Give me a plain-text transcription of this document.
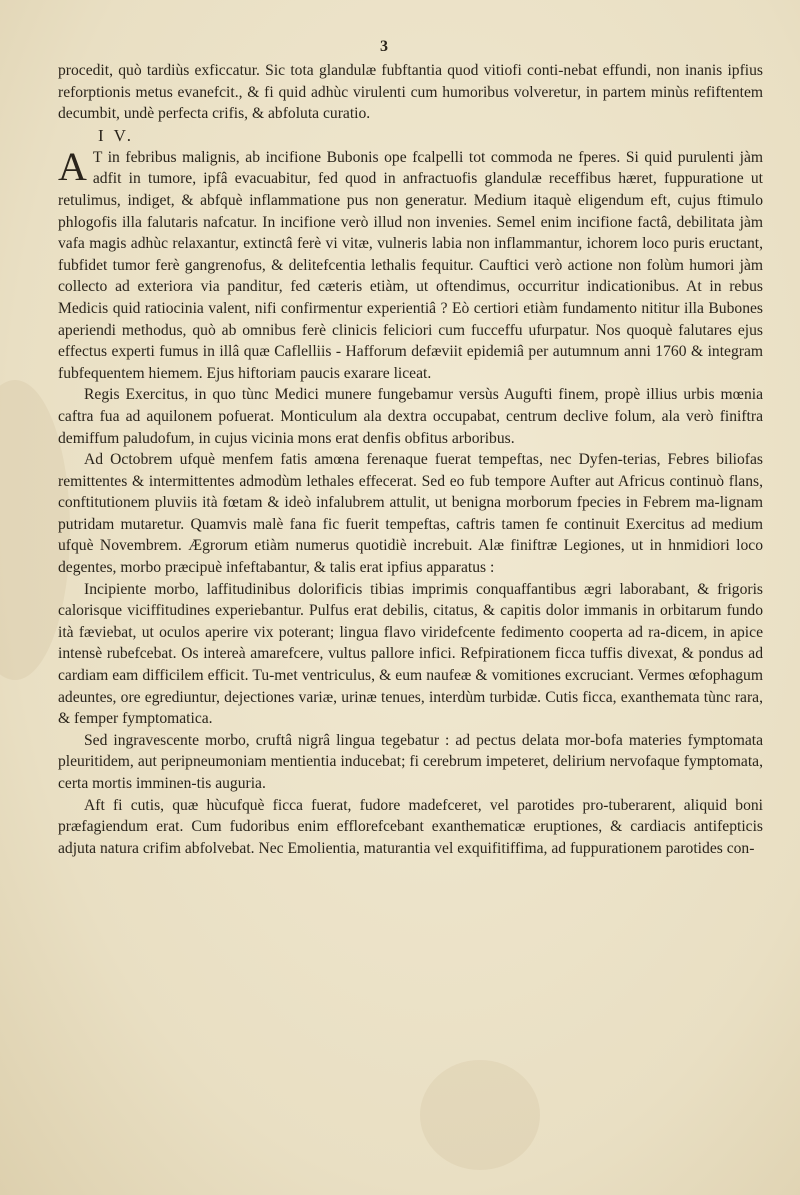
3

procedit, quò tardiùs exficcatur. Sic tota glandulæ fubftantia quod vitiofi conti-nebat effundi, non inanis ipfius reforptionis metus evanefcit., & fi quid adhùc virulenti cum humoribus volveretur, in partem minùs refiftentem decumbit, undè perfecta crifis, & abfoluta curatio.

I V.

A T in febribus malignis, ab incifione Bubonis ope fcalpelli tot commoda ne fperes. Si quid purulenti jàm adfit in tumore, ipfâ evacuabitur, fed quod in anfractuofis glandulæ receffibus hæret, fuppuratione ut retulimus, indiget, & abfquè inflammatione pus non generatur. Medium itaquè eligendum eft, cujus ftimulo phlogofis illa falutaris nafcatur. In incifione verò illud non invenies. Semel enim incifione factâ, debilitata jàm vafa magis adhùc relaxantur, extinctâ ferè vi vitæ, vulneris labia non inflammantur, ichorem loco puris eructant, fubfidet tumor ferè gangrenofus, & delitefcentia lethalis fequitur. Cauftici verò actione non folùm humori jàm collecto ad exteriora via panditur, fed cæteris etiàm, ut oftendimus, occurritur indicationibus. At in rebus Medicis quid ratiocinia valent, nifi confirmentur experientiâ ? Eò certiori etiàm fundamento nititur illa Bubones aperiendi methodus, quò ab omnibus ferè clinicis feliciori cum fucceffu ufurpatur. Nos quoquè falutares ejus effectus experti fumus in illâ quæ Caflelliis - Hafforum defæviit epidemiâ per autumnum anni 1760 & integram fubfequentem hiemem. Ejus hiftoriam paucis exarare liceat.

Regis Exercitus, in quo tùnc Medici munere fungebamur versùs Augufti finem, propè illius urbis mœnia caftra fua ad aquilonem pofuerat. Monticulum ala dextra occupabat, centrum declive folum, ala verò finiftra demiffum paludofum, in cujus vicinia mons erat denfis obfitus arboribus.

Ad Octobrem ufquè menfem fatis amœna ferenaque fuerat tempeftas, nec Dyfen-terias, Febres biliofas remittentes & intermittentes admodùm lethales effecerat. Sed eo fub tempore Aufter aut Africus continuò flans, conftitutionem pluviis ità fœtam & ideò infalubrem attulit, ut benigna morborum fpecies in Febrem ma-lignam putridam mutaretur. Quamvis malè fana fic fuerit tempeftas, caftris tamen fe continuit Exercitus ad medium ufquè Novembrem. Ægrorum etiàm numerus quotidiè increbuit. Alæ finiftræ Legiones, ut in hnmidiori loco degentes, morbo præcipuè infeftabantur, & talis erat ipfius apparatus :

Incipiente morbo, laffitudinibus dolorificis tibias imprimis conquaffantibus ægri laborabant, & frigoris calorisque viciffitudines experiebantur. Pulfus erat debilis, citatus, & capitis dolor immanis in orbitarum fundo ità fæviebat, ut oculos aperire vix poterant; lingua flavo viridefcente fedimento cooperta ad ra-dicem, in apice intensè rubefcebat. Os intereà amarefcere, vultus pallore infici. Refpirationem ficca tuffis divexat, & pondus ad cardiam eam difficilem efficit. Tu-met ventriculus, & eum naufeæ & vomitiones excruciant. Vermes œfophagum adeuntes, ore egrediuntur, dejectiones variæ, urinæ tenues, interdùm turbidæ. Cutis ficca, exanthemata tùnc rara, & femper fymptomatica.

Sed ingravescente morbo, cruftâ nigrâ lingua tegebatur : ad pectus delata mor-bofa materies fymptomata pleuritidem, aut peripneumoniam mentientia inducebat; fi cerebrum impeteret, delirium nervofaque fymptomata, certa mortis imminen-tis auguria.

Aft fi cutis, quæ hùcufquè ficca fuerat, fudore madefceret, vel parotides pro-tuberarent, aliquid boni præfagiendum erat. Cum fudoribus enim efflorefcebant exanthematicæ eruptiones, & cardiacis antifepticis adjuta natura crifim abfolvebat. Nec Emolientia, maturantia vel exquifitiffima, ad fuppurationem parotides con-
